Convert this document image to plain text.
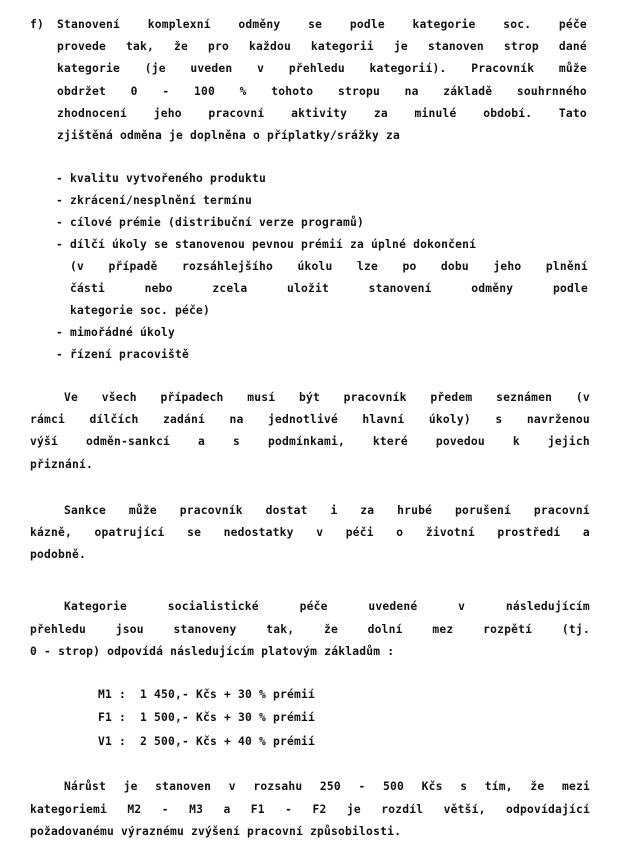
f) Stanovení komplexní odměny se podle kategorie soc. péče
provede tak, že pro každou kategorii je stanoven strop dané
kategorie (je uveden v přehledu kategorií). Pracovník může
obdržet 0 - 100 % tohoto stropu na základě souhrnného
zhodnocení jeho pracovní aktivity za minulé období. Tato
zjištěná odměna je doplněna o příplatky/srážky za
- kvalitu vytvořeného produktu
- zkrácení/nesplnění termínu
- cílové prémie (distribuční verze programů)
- dílčí úkoly se stanovenou pevnou prémií za úplné dokončení
- mimořádné úkoly
- řízení pracoviště
(v případě rozsáhlejšího úkolu lze po dobu jeho plnění
části	nebo	zcela	uložit	stanovení	odměny	podle
kategorie soc. péče)
Ve všech případech musí být pracovník předem seznámen (v
rámci dílčích zadání na jednotlivé hlavní úkoly) s navrženou
výší odměn-sankcí a s podmínkami, které povedou k jejich
přiznání.
Sankce může pracovník dostat i za hrubé porušení pracovní
kázně, opatrující se nedostatky v péči o životní prostředí a
podobně.
Kategorie	socialistické	péče	uvedené	v	následujícím
přehledu	jsou	stanoveny	tak,	že	dolní	mez	rozpětí	(tj.
0 - strop) odpovídá následujícím platovým základům :
M1 :  1 450,- Kčs + 30 % prémií
F1 :  1 500,- Kčs + 30 % prémií
V1 :  2 500,- Kčs + 40 % prémií
Nárůst je stanoven v rozsahu 250 - 500 Kčs s tím, že mezi
kategoriemi M2 - M3 a F1 - F2 je rozdíl větší, odpovídající
požadovanému výraznému zvýšení pracovní způsobilosti.
